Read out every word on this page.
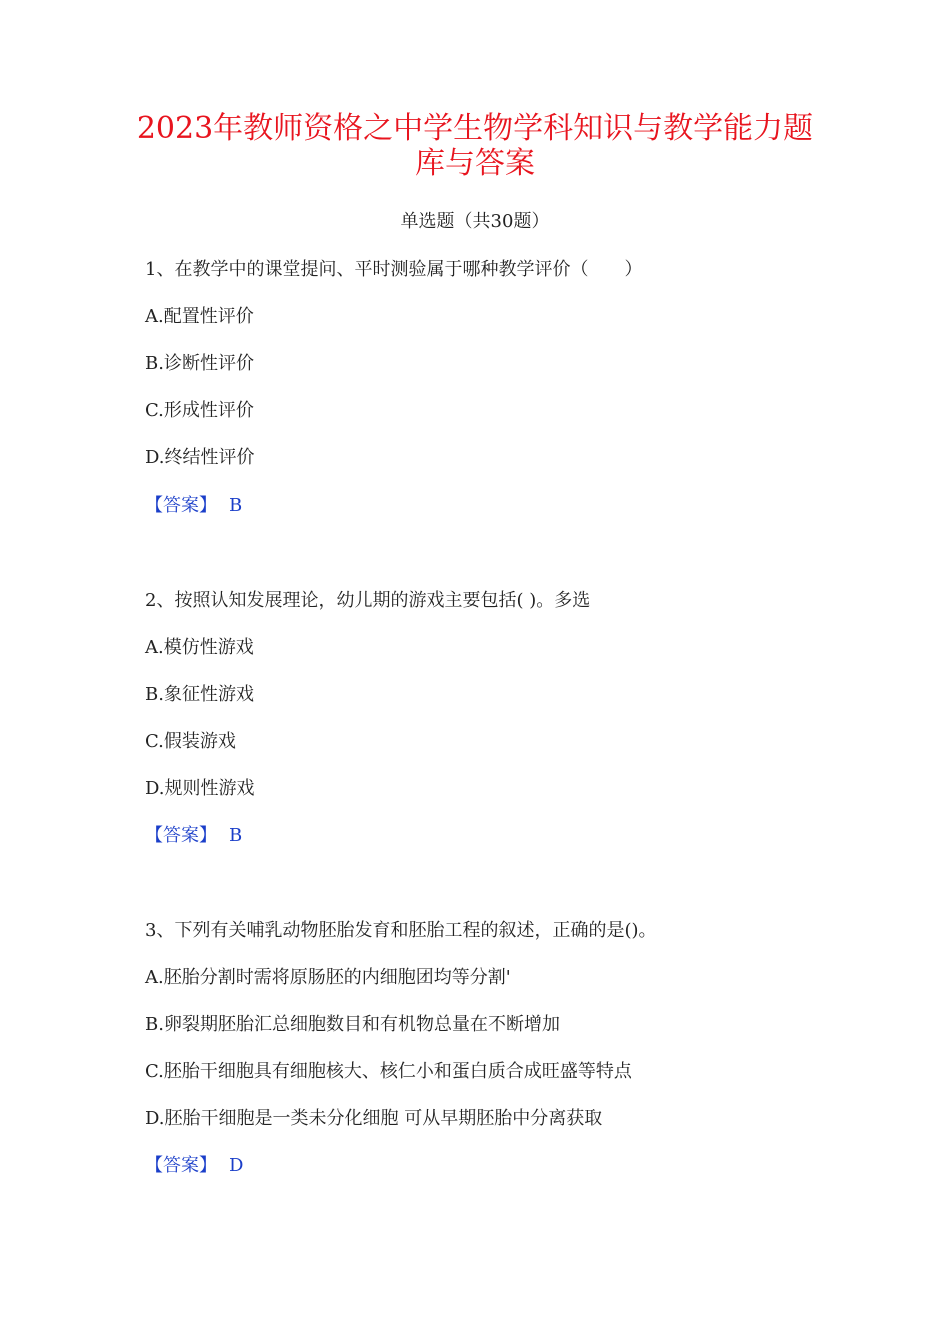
2023年教师资格之中学生物学科知识与教学能力题
库与答案
单选题（共30题）
1、在教学中的课堂提问、平时测验属于哪种教学评价（　　）
A.配置性评价
B.诊断性评价
C.形成性评价
D.终结性评价
【答案】 B
2、按照认知发展理论，幼儿期的游戏主要包括( )。多选
A.模仿性游戏
B.象征性游戏
C.假装游戏
D.规则性游戏
【答案】 B
3、下列有关哺乳动物胚胎发育和胚胎工程的叙述，正确的是()。
A.胚胎分割时需将原肠胚的内细胞团均等分割'
B.卵裂期胚胎汇总细胞数目和有机物总量在不断增加
C.胚胎干细胞具有细胞核大、核仁小和蛋白质合成旺盛等特点
D.胚胎干细胞是一类未分化细胞 可从早期胚胎中分离获取
【答案】 D
